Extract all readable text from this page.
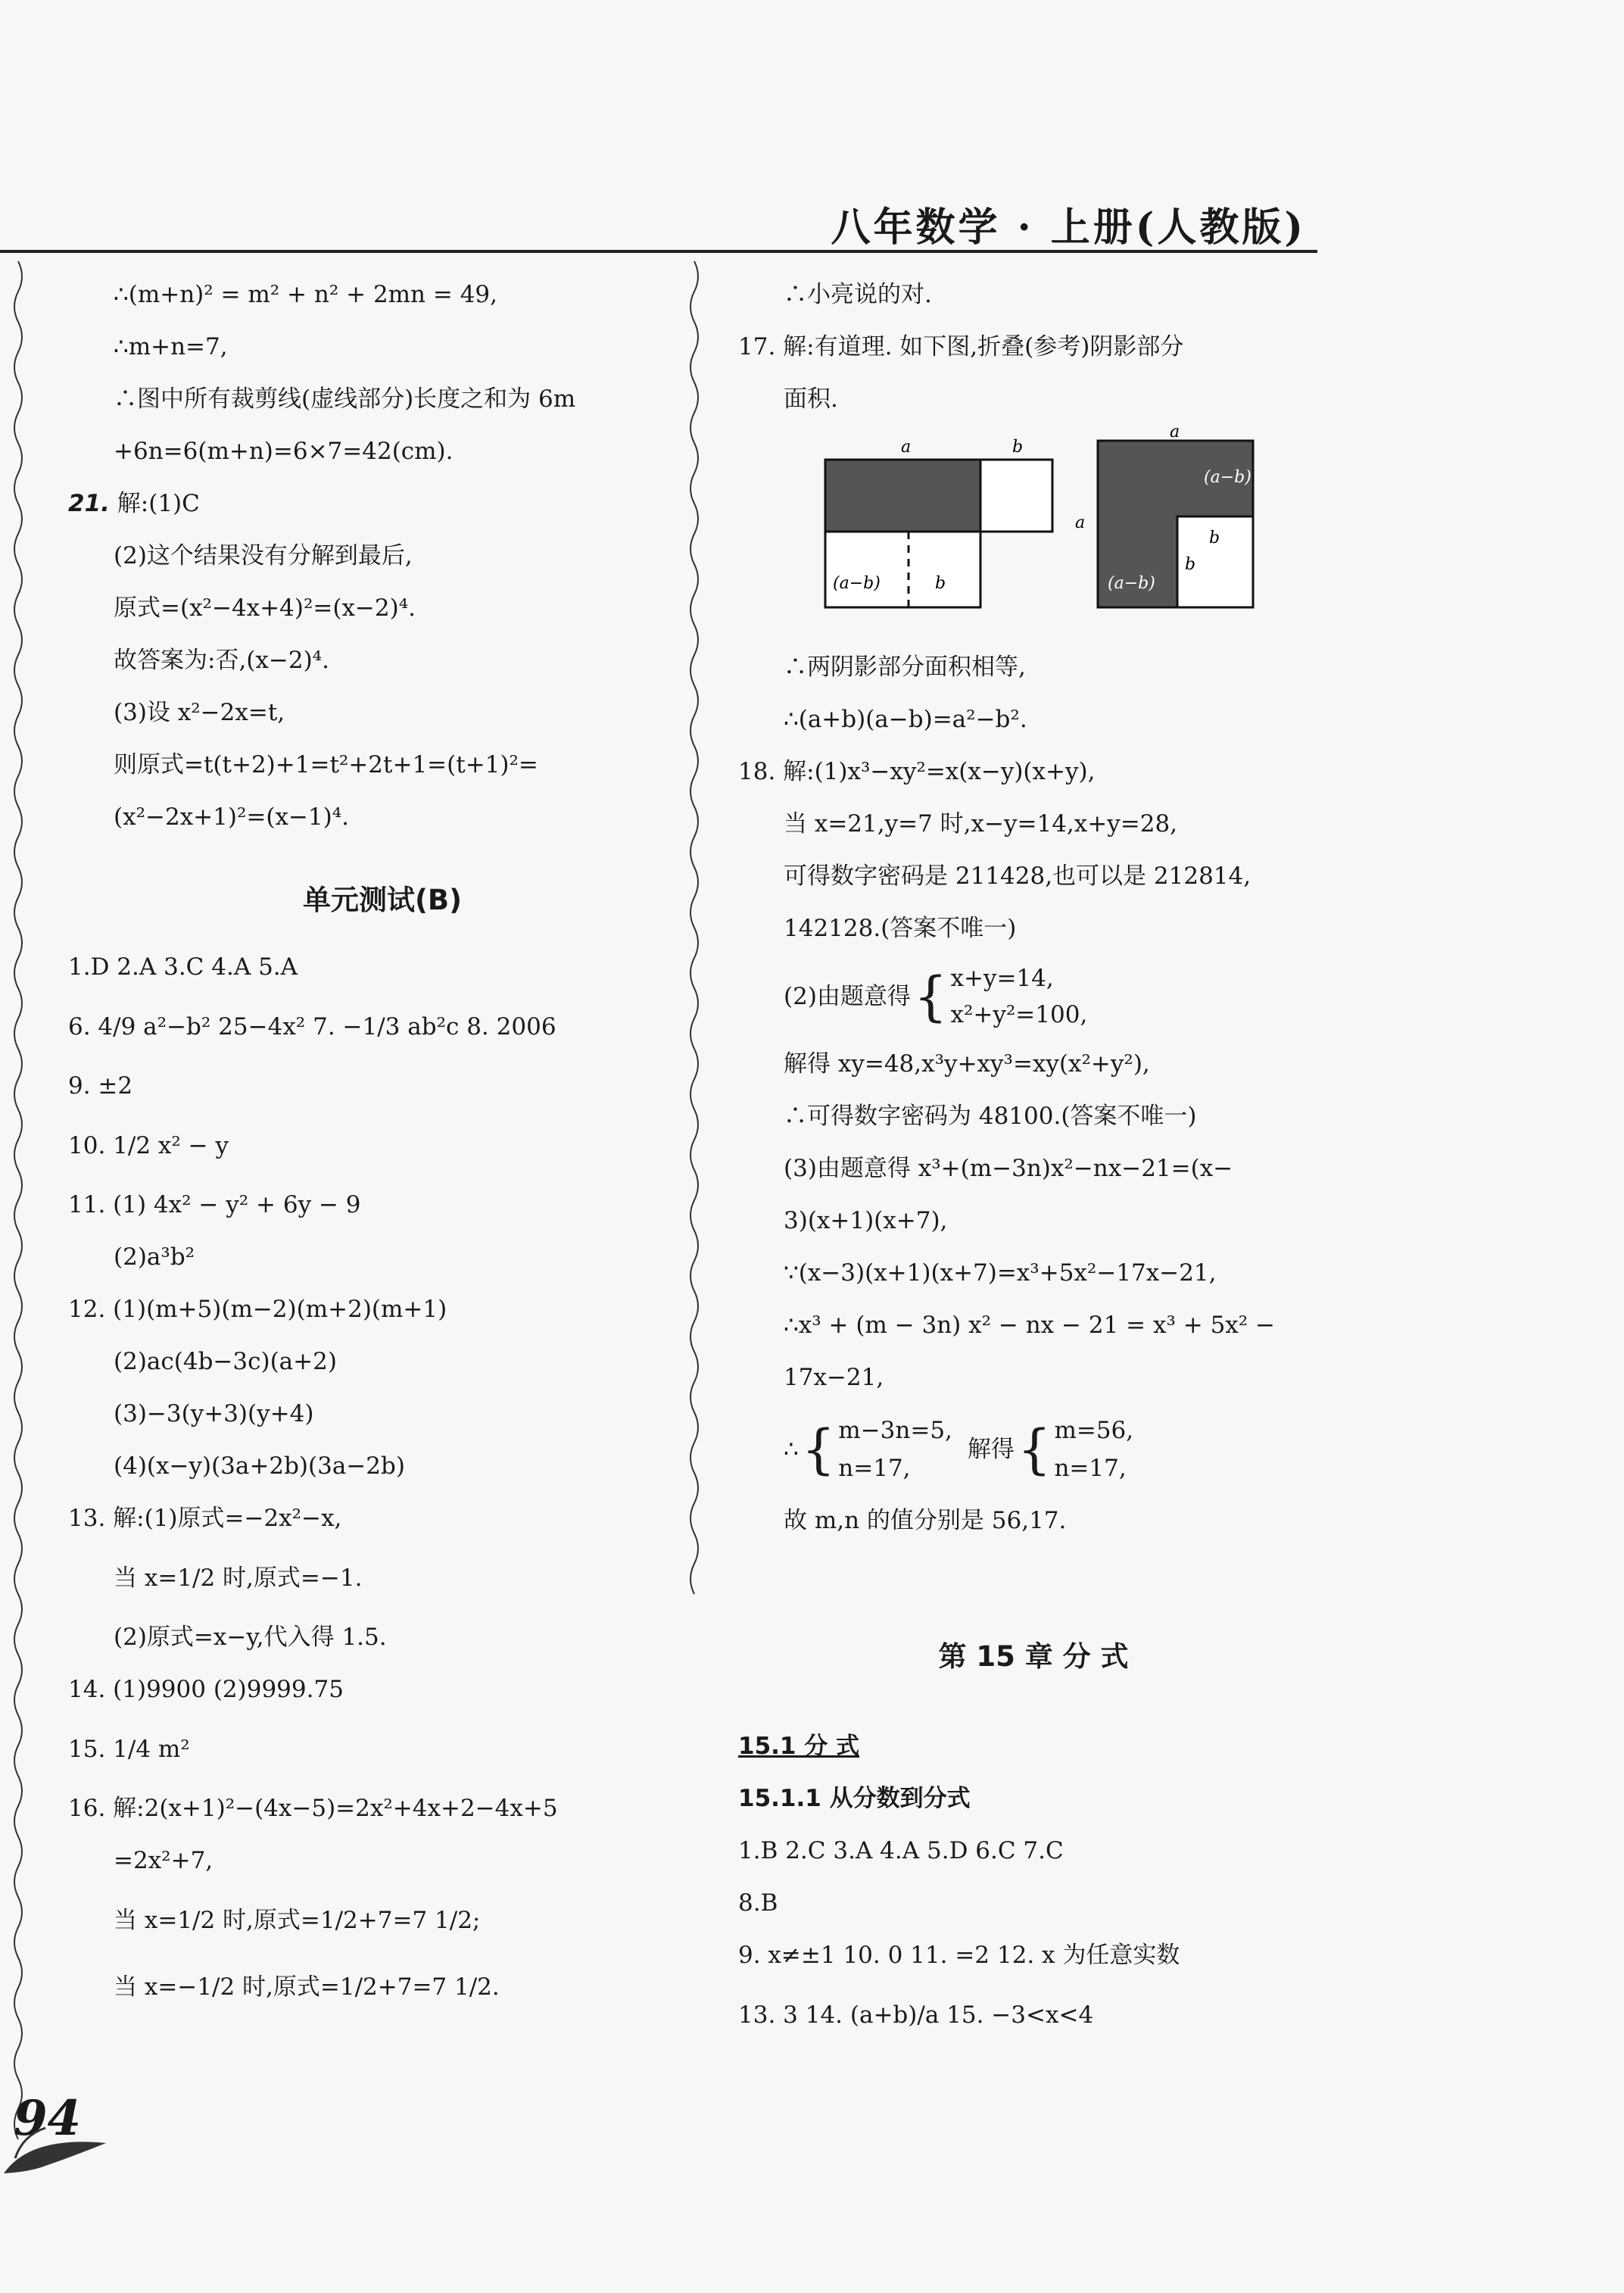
八年数学 · 上册(人教版)
∴(m+n)² = m² + n² + 2mn = 49,
∴m+n=7,
∴图中所有裁剪线(虚线部分)长度之和为 6m
+6n=6(m+n)=6×7=42(cm).
21. 解:(1)C
(2)这个结果没有分解到最后,
原式=(x²−4x+4)²=(x−2)⁴.
故答案为:否,(x−2)⁴.
(3)设 x²−2x=t,
则原式=t(t+2)+1=t²+2t+1=(t+1)²=
(x²−2x+1)²=(x−1)⁴.
单元测试(B)
1.D 2.A 3.C 4.A 5.A
6. 4/9 a²−b² 25−4x² 7. −1/3 ab²c 8. 2006
9. ±2
10. 1/2 x² − y
11. (1) 4x² − y² + 6y − 9
(2)a³b²
12. (1)(m+5)(m−2)(m+2)(m+1)
(2)ac(4b−3c)(a+2)
(3)−3(y+3)(y+4)
(4)(x−y)(3a+2b)(3a−2b)
13. 解:(1)原式=−2x²−x,
当 x=1/2 时,原式=−1.
(2)原式=x−y,代入得 1.5.
14. (1)9900 (2)9999.75
15. 1/4 m²
16. 解:2(x+1)²−(4x−5)=2x²+4x+2−4x+5
=2x²+7,
当 x=1/2 时,原式=1/2+7=7 1/2;
当 x=−1/2 时,原式=1/2+7=7 1/2.
∴小亮说的对.
17. 解:有道理. 如下图,折叠(参考)阴影部分
面积.
a	b
(a−b)
(a−b)	b
a
a
(a−b)
(a−b)
b
b
∴两阴影部分面积相等,
∴(a+b)(a−b)=a²−b².
18. 解:(1)x³−xy²=x(x−y)(x+y),
当 x=21,y=7 时,x−y=14,x+y=28,
可得数字密码是 211428,也可以是 212814,
142128.(答案不唯一)
(2)由题意得 { x+y=14,
x²+y²=100,
解得 xy=48,x³y+xy³=xy(x²+y²),
∴可得数字密码为 48100.(答案不唯一)
(3)由题意得 x³+(m−3n)x²−nx−21=(x−
3)(x+1)(x+7),
∵(x−3)(x+1)(x+7)=x³+5x²−17x−21,
∴x³ + (m − 3n) x² − nx − 21 = x³ + 5x² −
17x−21,
∴ { m−3n=5,
n=17,
解得 { m=56,
n=17,
故 m,n 的值分别是 56,17.
第 15 章 分 式
15.1 分 式
15.1.1 从分数到分式
1.B 2.C 3.A 4.A 5.D 6.C 7.C
8.B
9. x≠±1 10. 0 11. =2 12. x 为任意实数
13. 3 14. (a+b)/a 15. −3<x<4
94
